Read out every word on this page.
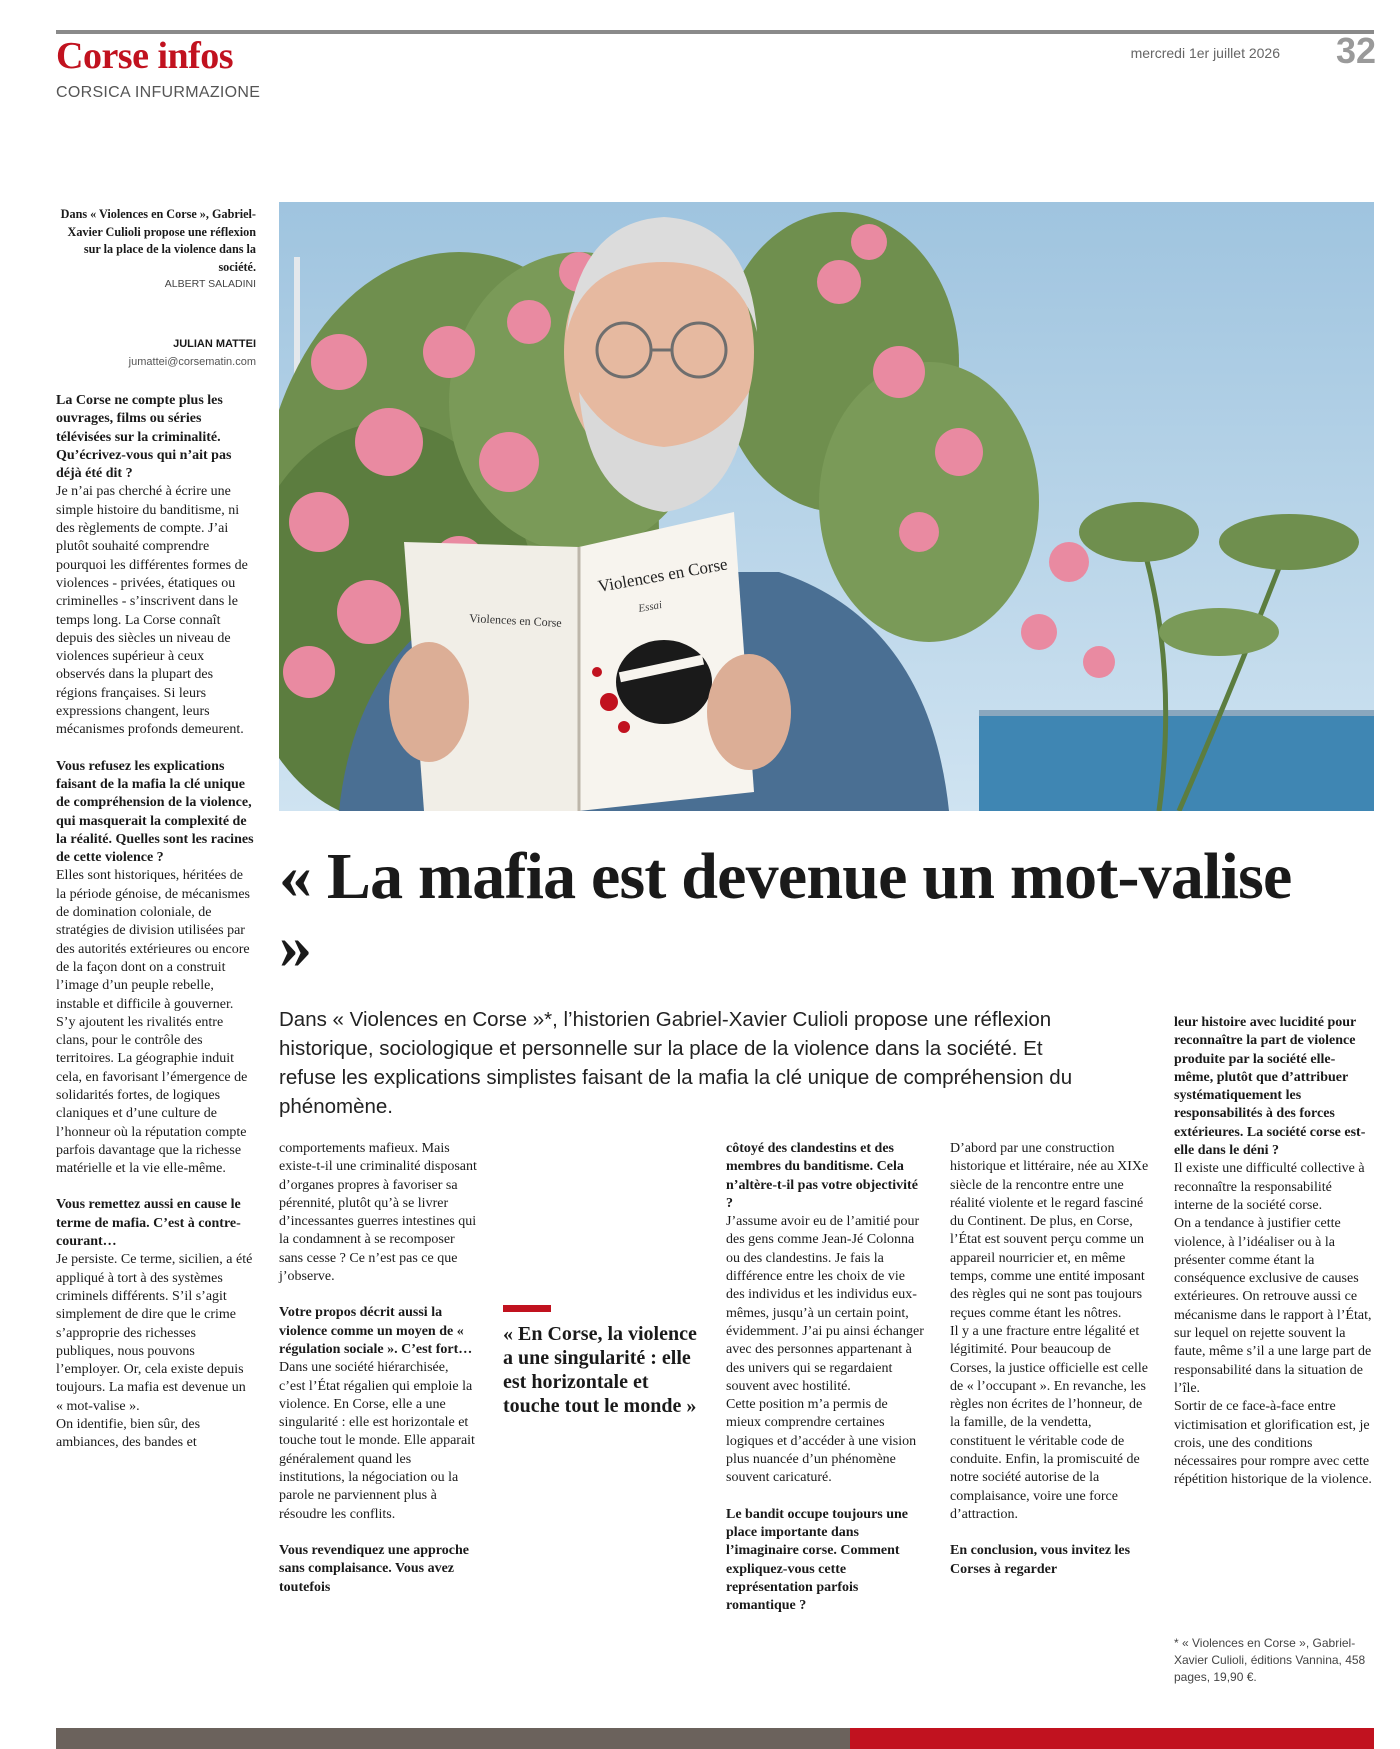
Corse infos
CORSICA INFURMAZIONE
mercredi 1er juillet 2026 32
Dans « Violences en Corse », Gabriel-Xavier Culioli propose une réflexion sur la place de la violence dans la société.
ALBERT SALADINI
JULIAN MATTEI
jumattei@corsematin.com
Violences en Corse
Violences en Corse
Essai
« La mafia est devenue un mot-valise »

Dans « Violences en Corse »*, l’historien Gabriel-Xavier Culioli propose une réflexion historique, sociologique et personnelle sur la place de la violence dans la société. Et refuse les explications simplistes faisant de la mafia la clé unique de compréhension du phénomène.

La Corse ne compte plus les ouvrages, films ou séries télévisées sur la criminalité. Qu’écrivez-vous qui n’ait pas déjà été dit ?

Je n’ai pas cherché à écrire une simple histoire du banditisme, ni des règlements de compte. J’ai plutôt souhaité comprendre pourquoi les différentes formes de violences - privées, étatiques ou criminelles - s’inscrivent dans le temps long. La Corse connaît depuis des siècles un niveau de violences supérieur à ceux observés dans la plupart des régions françaises. Si leurs expressions changent, leurs mécanismes profonds demeurent.

Vous refusez les explications faisant de la mafia la clé unique de compréhension de la violence, qui masquerait la complexité de la réalité. Quelles sont les racines de cette violence ?

Elles sont historiques, héritées de la période génoise, de mécanismes de domination coloniale, de stratégies de division utilisées par des autorités extérieures ou encore de la façon dont on a construit l’image d’un peuple rebelle, instable et difficile à gouverner. S’y ajoutent les rivalités entre clans, pour le contrôle des territoires. La géographie induit cela, en favorisant l’émergence de solidarités fortes, de logiques claniques et d’une culture de l’honneur où la réputation compte parfois davantage que la richesse matérielle et la vie elle-même.

Vous remettez aussi en cause le terme de mafia. C’est à contre-courant…

Je persiste. Ce terme, sicilien, a été appliqué à tort à des systèmes criminels différents. S’il s’agit simplement de dire que le crime s’approprie des richesses publiques, nous pouvons l’employer. Or, cela existe depuis toujours. La mafia est devenue un « mot-valise ».

On identifie, bien sûr, des ambiances, des bandes et

comportements mafieux. Mais existe-t-il une criminalité disposant d’organes propres à favoriser sa pérennité, plutôt qu’à se livrer d’incessantes guerres intestines qui la condamnent à se recomposer sans cesse ? Ce n’est pas ce que j’observe.

Votre propos décrit aussi la violence comme un moyen de « régulation sociale ». C’est fort…

Dans une société hiérarchisée, c’est l’État régalien qui emploie la violence. En Corse, elle a une singularité : elle est horizontale et touche tout le monde. Elle apparait généralement quand les institutions, la négociation ou la parole ne parviennent plus à résoudre les conflits.

Vous revendiquez une approche sans complaisance. Vous avez toutefois

côtoyé des clandestins et des membres du banditisme. Cela n’altère-t-il pas votre objectivité ?

J’assume avoir eu de l’amitié pour des gens comme Jean-Jé Colonna ou des clandestins. Je fais la différence entre les choix de vie des individus et les individus eux-mêmes, jusqu’à un certain point, évidemment. J’ai pu ainsi échanger avec des personnes appartenant à des univers qui se regardaient souvent avec hostilité.

Cette position m’a permis de mieux comprendre certaines logiques et d’accéder à une vision plus nuancée d’un phénomène souvent caricaturé.

Le bandit occupe toujours une place importante dans l’imaginaire corse. Comment expliquez-vous cette représentation parfois romantique ?

D’abord par une construction historique et littéraire, née au XIXe siècle de la rencontre entre une réalité violente et le regard fasciné du Continent. De plus, en Corse, l’État est souvent perçu comme un appareil nourricier et, en même temps, comme une entité imposant des règles qui ne sont pas toujours reçues comme étant les nôtres.

Il y a une fracture entre légalité et légitimité. Pour beaucoup de Corses, la justice officielle est celle de « l’occupant ». En revanche, les règles non écrites de l’honneur, de la famille, de la vendetta, constituent le véritable code de conduite. Enfin, la promiscuité de notre société autorise de la complaisance, voire une force d’attraction.

En conclusion, vous invitez les Corses à regarder

leur histoire avec lucidité pour reconnaître la part de violence produite par la société elle-même, plutôt que d’attribuer systématiquement les responsabilités à des forces extérieures. La société corse est-elle dans le déni ?

Il existe une difficulté collective à reconnaître la responsabilité interne de la société corse.

On a tendance à justifier cette violence, à l’idéaliser ou à la présenter comme étant la conséquence exclusive de causes extérieures. On retrouve aussi ce mécanisme dans le rapport à l’État, sur lequel on rejette souvent la faute, même s’il a une large part de responsabilité dans la situation de l’île.

Sortir de ce face-à-face entre victimisation et glorification est, je crois, une des conditions nécessaires pour rompre avec cette répétition historique de la violence.

« En Corse, la violence a une singularité : elle est horizontale et touche tout le monde »
* « Violences en Corse », Gabriel-Xavier Culioli, éditions Vannina, 458 pages, 19,90 €.
